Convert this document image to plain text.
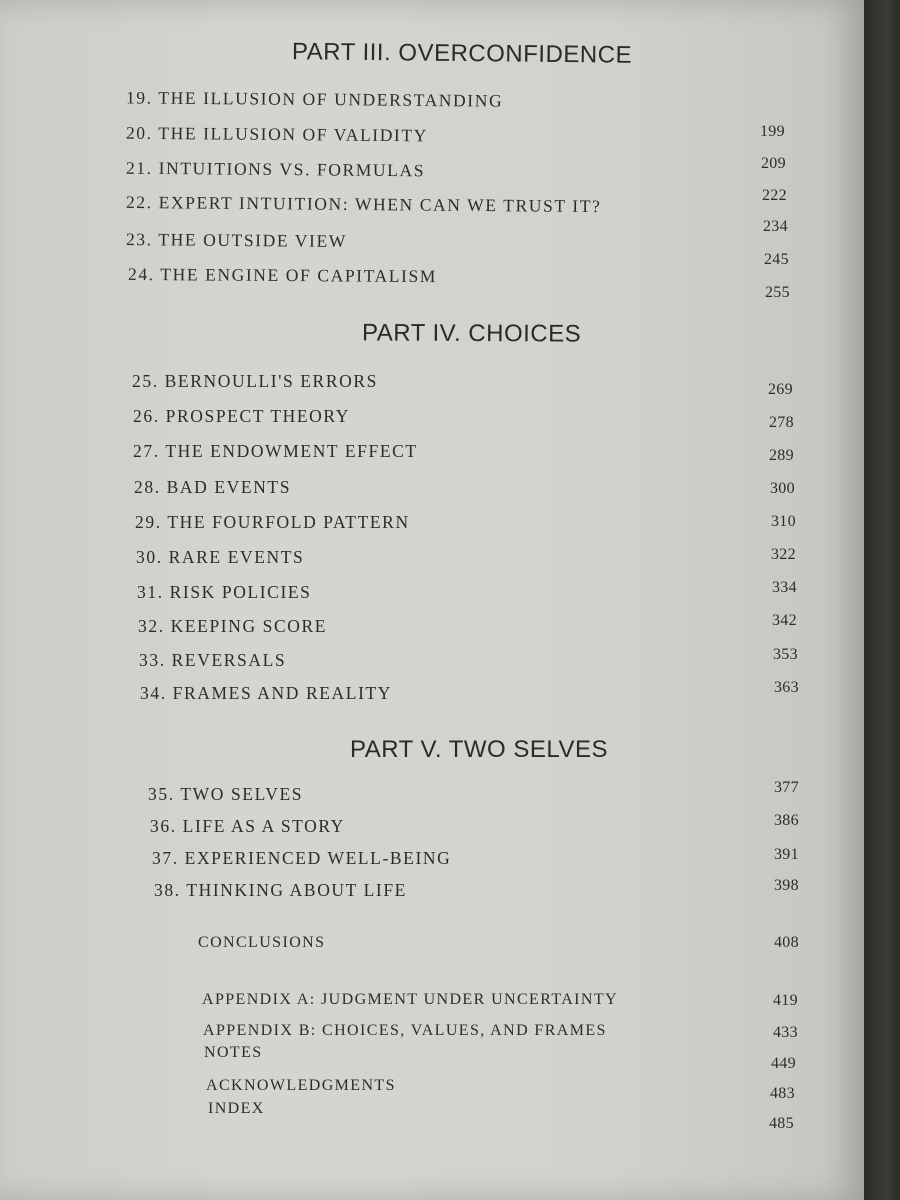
PART III. OVERCONFIDENCE
19. THE ILLUSION OF UNDERSTANDING
20. THE ILLUSION OF VALIDITY
21. INTUITIONS VS. FORMULAS
22. EXPERT INTUITION: WHEN CAN WE TRUST IT?
23. THE OUTSIDE VIEW
24. THE ENGINE OF CAPITALISM
199
209
222
234
245
255
PART IV. CHOICES
25. BERNOULLI'S ERRORS
26. PROSPECT THEORY
27. THE ENDOWMENT EFFECT
28. BAD EVENTS
29. THE FOURFOLD PATTERN
30. RARE EVENTS
31. RISK POLICIES
32. KEEPING SCORE
33. REVERSALS
34. FRAMES AND REALITY
269
278
289
300
310
322
334
342
353
363
PART V. TWO SELVES
35. TWO SELVES
36. LIFE AS A STORY
37. EXPERIENCED WELL-BEING
38. THINKING ABOUT LIFE
377
386
391
398
CONCLUSIONS	408
APPENDIX A: JUDGMENT UNDER UNCERTAINTY
APPENDIX B: CHOICES, VALUES, AND FRAMES
NOTES
ACKNOWLEDGMENTS
INDEX
419
433
449
483
485
